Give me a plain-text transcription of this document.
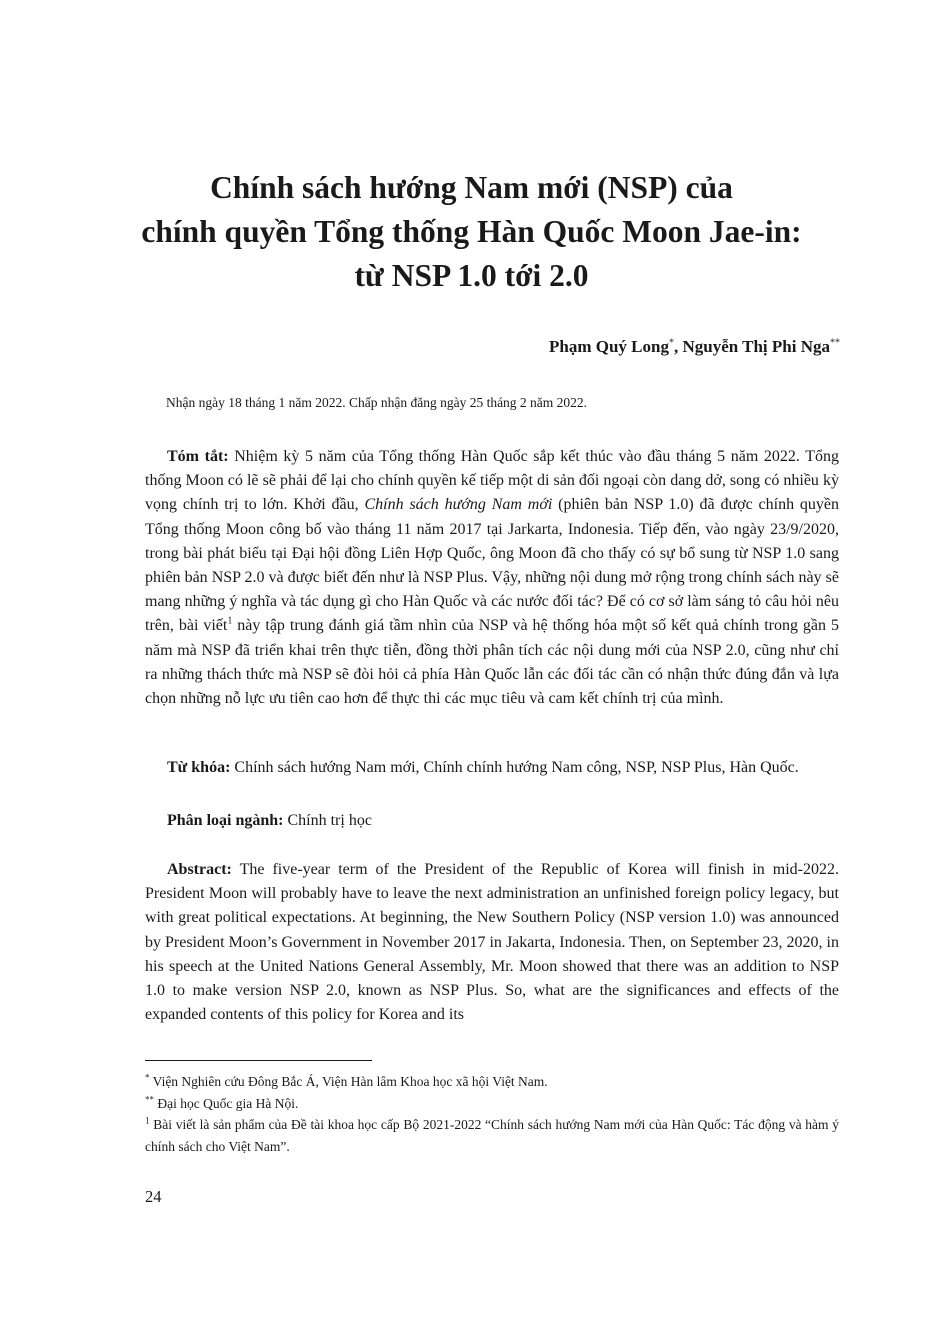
Chính sách hướng Nam mới (NSP) của
chính quyền Tổng thống Hàn Quốc Moon Jae-in:
từ NSP 1.0 tới 2.0
Phạm Quý Long*, Nguyễn Thị Phi Nga**
Nhận ngày 18 tháng 1 năm 2022. Chấp nhận đăng ngày 25 tháng 2 năm 2022.

Tóm tắt: Nhiệm kỳ 5 năm của Tổng thống Hàn Quốc sắp kết thúc vào đầu tháng 5 năm 2022. Tổng thống Moon có lẽ sẽ phải để lại cho chính quyền kế tiếp một di sản đối ngoại còn dang dở, song có nhiều kỳ vọng chính trị to lớn. Khởi đầu, Chính sách hướng Nam mới (phiên bản NSP 1.0) đã được chính quyền Tổng thống Moon công bố vào tháng 11 năm 2017 tại Jarkarta, Indonesia. Tiếp đến, vào ngày 23/9/2020, trong bài phát biểu tại Đại hội đồng Liên Hợp Quốc, ông Moon đã cho thấy có sự bổ sung từ NSP 1.0 sang phiên bản NSP 2.0 và được biết đến như là NSP Plus. Vậy, những nội dung mở rộng trong chính sách này sẽ mang những ý nghĩa và tác dụng gì cho Hàn Quốc và các nước đối tác? Để có cơ sở làm sáng tỏ câu hỏi nêu trên, bài viết$^1$ này tập trung đánh giá tầm nhìn của NSP và hệ thống hóa một số kết quả chính trong gần 5 năm mà NSP đã triển khai trên thực tiễn, đồng thời phân tích các nội dung mới của NSP 2.0, cũng như chỉ ra những thách thức mà NSP sẽ đòi hỏi cả phía Hàn Quốc lẫn các đối tác cần có nhận thức đúng đắn và lựa chọn những nỗ lực ưu tiên cao hơn để thực thi các mục tiêu và cam kết chính trị của mình.

Từ khóa: Chính sách hướng Nam mới, Chính chính hướng Nam công, NSP, NSP Plus, Hàn Quốc.

Phân loại ngành: Chính trị học

Abstract: The five-year term of the President of the Republic of Korea will finish in mid-2022. President Moon will probably have to leave the next administration an unfinished foreign policy legacy, but with great political expectations. At beginning, the New Southern Policy (NSP version 1.0) was announced by President Moon’s Government in November 2017 in Jakarta, Indonesia. Then, on September 23, 2020, in his speech at the United Nations General Assembly, Mr. Moon showed that there was an addition to NSP 1.0 to make version NSP 2.0, known as NSP Plus. So, what are the significances and effects of the expanded contents of this policy for Korea and its

* Viện Nghiên cứu Đông Bắc Á, Viện Hàn lâm Khoa học xã hội Việt Nam.

** Đại học Quốc gia Hà Nội.

$^1$ Bài viết là sản phẩm của Đề tài khoa học cấp Bộ 2021-2022 “Chính sách hướng Nam mới của Hàn Quốc: Tác động và hàm ý chính sách cho Việt Nam”.

24
